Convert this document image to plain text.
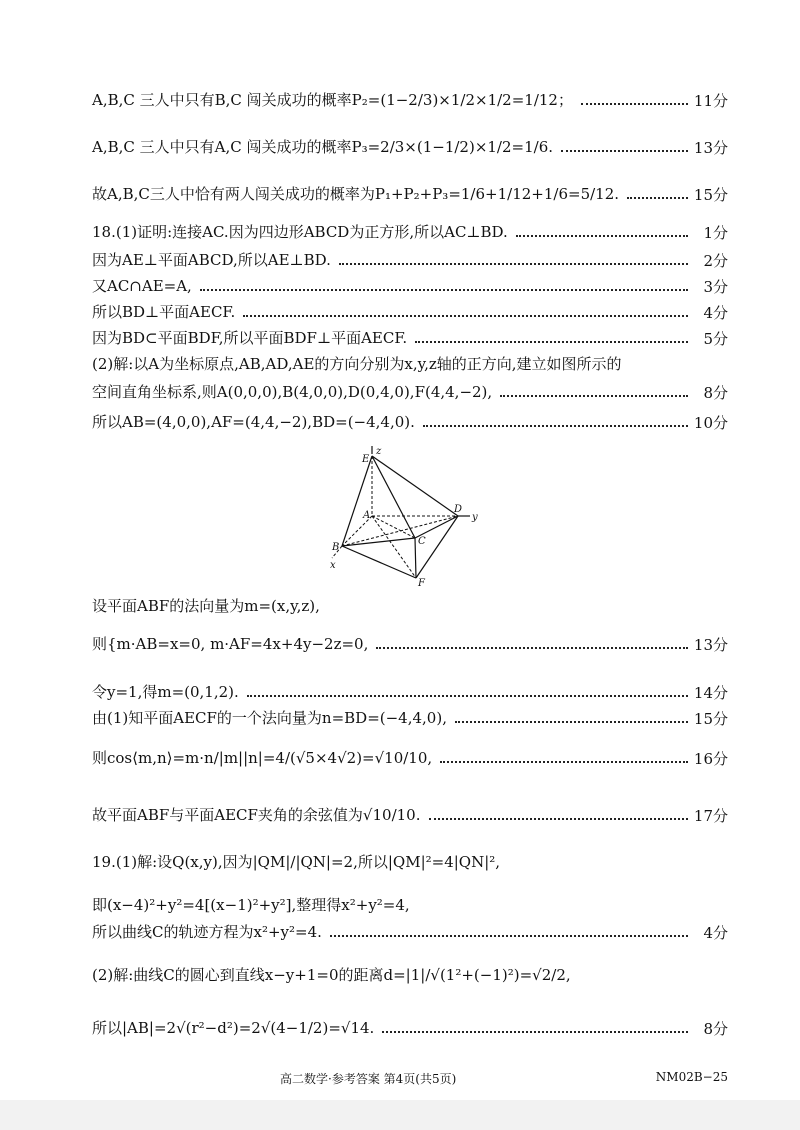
A,B,C 三人中只有B,C 闯关成功的概率P₂=(1−2/3)×1/2×1/2=1/12；	11分
A,B,C 三人中只有A,C 闯关成功的概率P₃=2/3×(1−1/2)×1/2=1/6.	13分
故A,B,C三人中恰有两人闯关成功的概率为P₁+P₂+P₃=1/6+1/12+1/6=5/12.	15分
18.(1)证明:连接AC.因为四边形ABCD为正方形,所以AC⊥BD.	1分
因为AE⊥平面ABCD,所以AE⊥BD.	2分
又AC∩AE=A,	3分
所以BD⊥平面AECF.	4分
因为BD⊂平面BDF,所以平面BDF⊥平面AECF.	5分
(2)解:以A为坐标原点,AB,AD,AE的方向分别为x,y,z轴的正方向,建立如图所示的
空间直角坐标系,则A(0,0,0),B(4,0,0),D(0,4,0),F(4,4,−2),	8分
所以AB=(4,0,0),AF=(4,4,−2),BD=(−4,4,0).	10分
设平面ABF的法向量为m=(x,y,z),
则{m·AB=x=0, m·AF=4x+4y−2z=0,	13分
令y=1,得m=(0,1,2).	14分
由(1)知平面AECF的一个法向量为n=BD=(−4,4,0),	15分
则cos⟨m,n⟩=m·n/|m||n|=4/(√5×4√2)=√10/10,	16分
故平面ABF与平面AECF夹角的余弦值为√10/10.	17分
19.(1)解:设Q(x,y),因为|QM|/|QN|=2,所以|QM|²=4|QN|²,
即(x−4)²+y²=4[(x−1)²+y²],整理得x²+y²=4,
所以曲线C的轨迹方程为x²+y²=4.	4分
(2)解:曲线C的圆心到直线x−y+1=0的距离d=|1|/√(1²+(−1)²)=√2/2,
所以|AB|=2√(r²−d²)=2√(4−1/2)=√14.	8分
E
A
B
C
D
F
x
y
z
高二数学·参考答案 第4页(共5页)	NM02B−25
